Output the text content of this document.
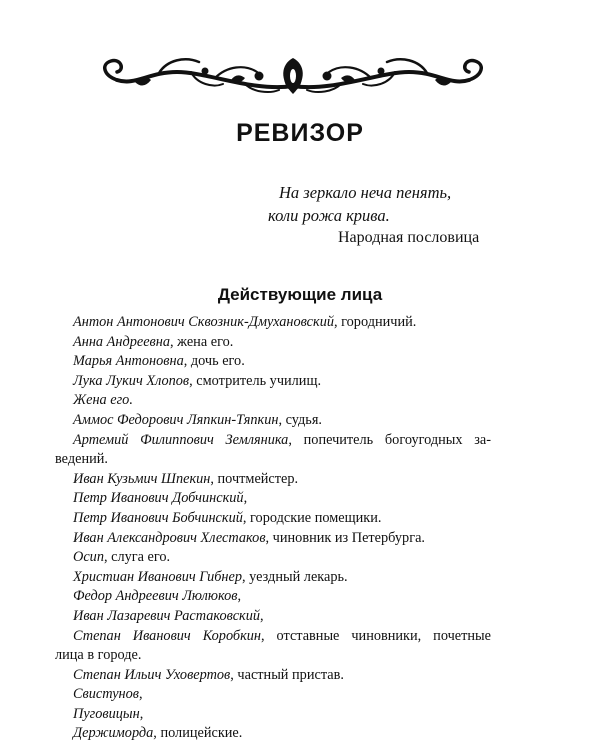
РЕВИЗОР
На зеркало неча пенять,
коли рожа крива.
Народная пословица
Действующие лица
Антон Антонович Сквозник-Дмухановский, городничий.
Анна Андреевна, жена его.
Марья Антоновна, дочь его.
Лука Лукич Хлопов, смотритель училищ.
Жена его.
Аммос Федорович Ляпкин-Тяпкин, судья.
Артемий Филиппович Земляника, попечитель богоугодных за-
ведений.
Иван Кузьмич Шпекин, почтмейстер.
Петр Иванович Добчинский,
Петр Иванович Бобчинский, городские помещики.
Иван Александрович Хлестаков, чиновник из Петербурга.
Осип, слуга его.
Христиан Иванович Гибнер, уездный лекарь.
Федор Андреевич Люлюков,
Иван Лазаревич Растаковский,
Степан Иванович Коробкин, отставные чиновники, почетные
лица в городе.
Степан Ильич Уховертов, частный пристав.
Свистунов,
Пуговицын,
Держиморда, полицейские.
